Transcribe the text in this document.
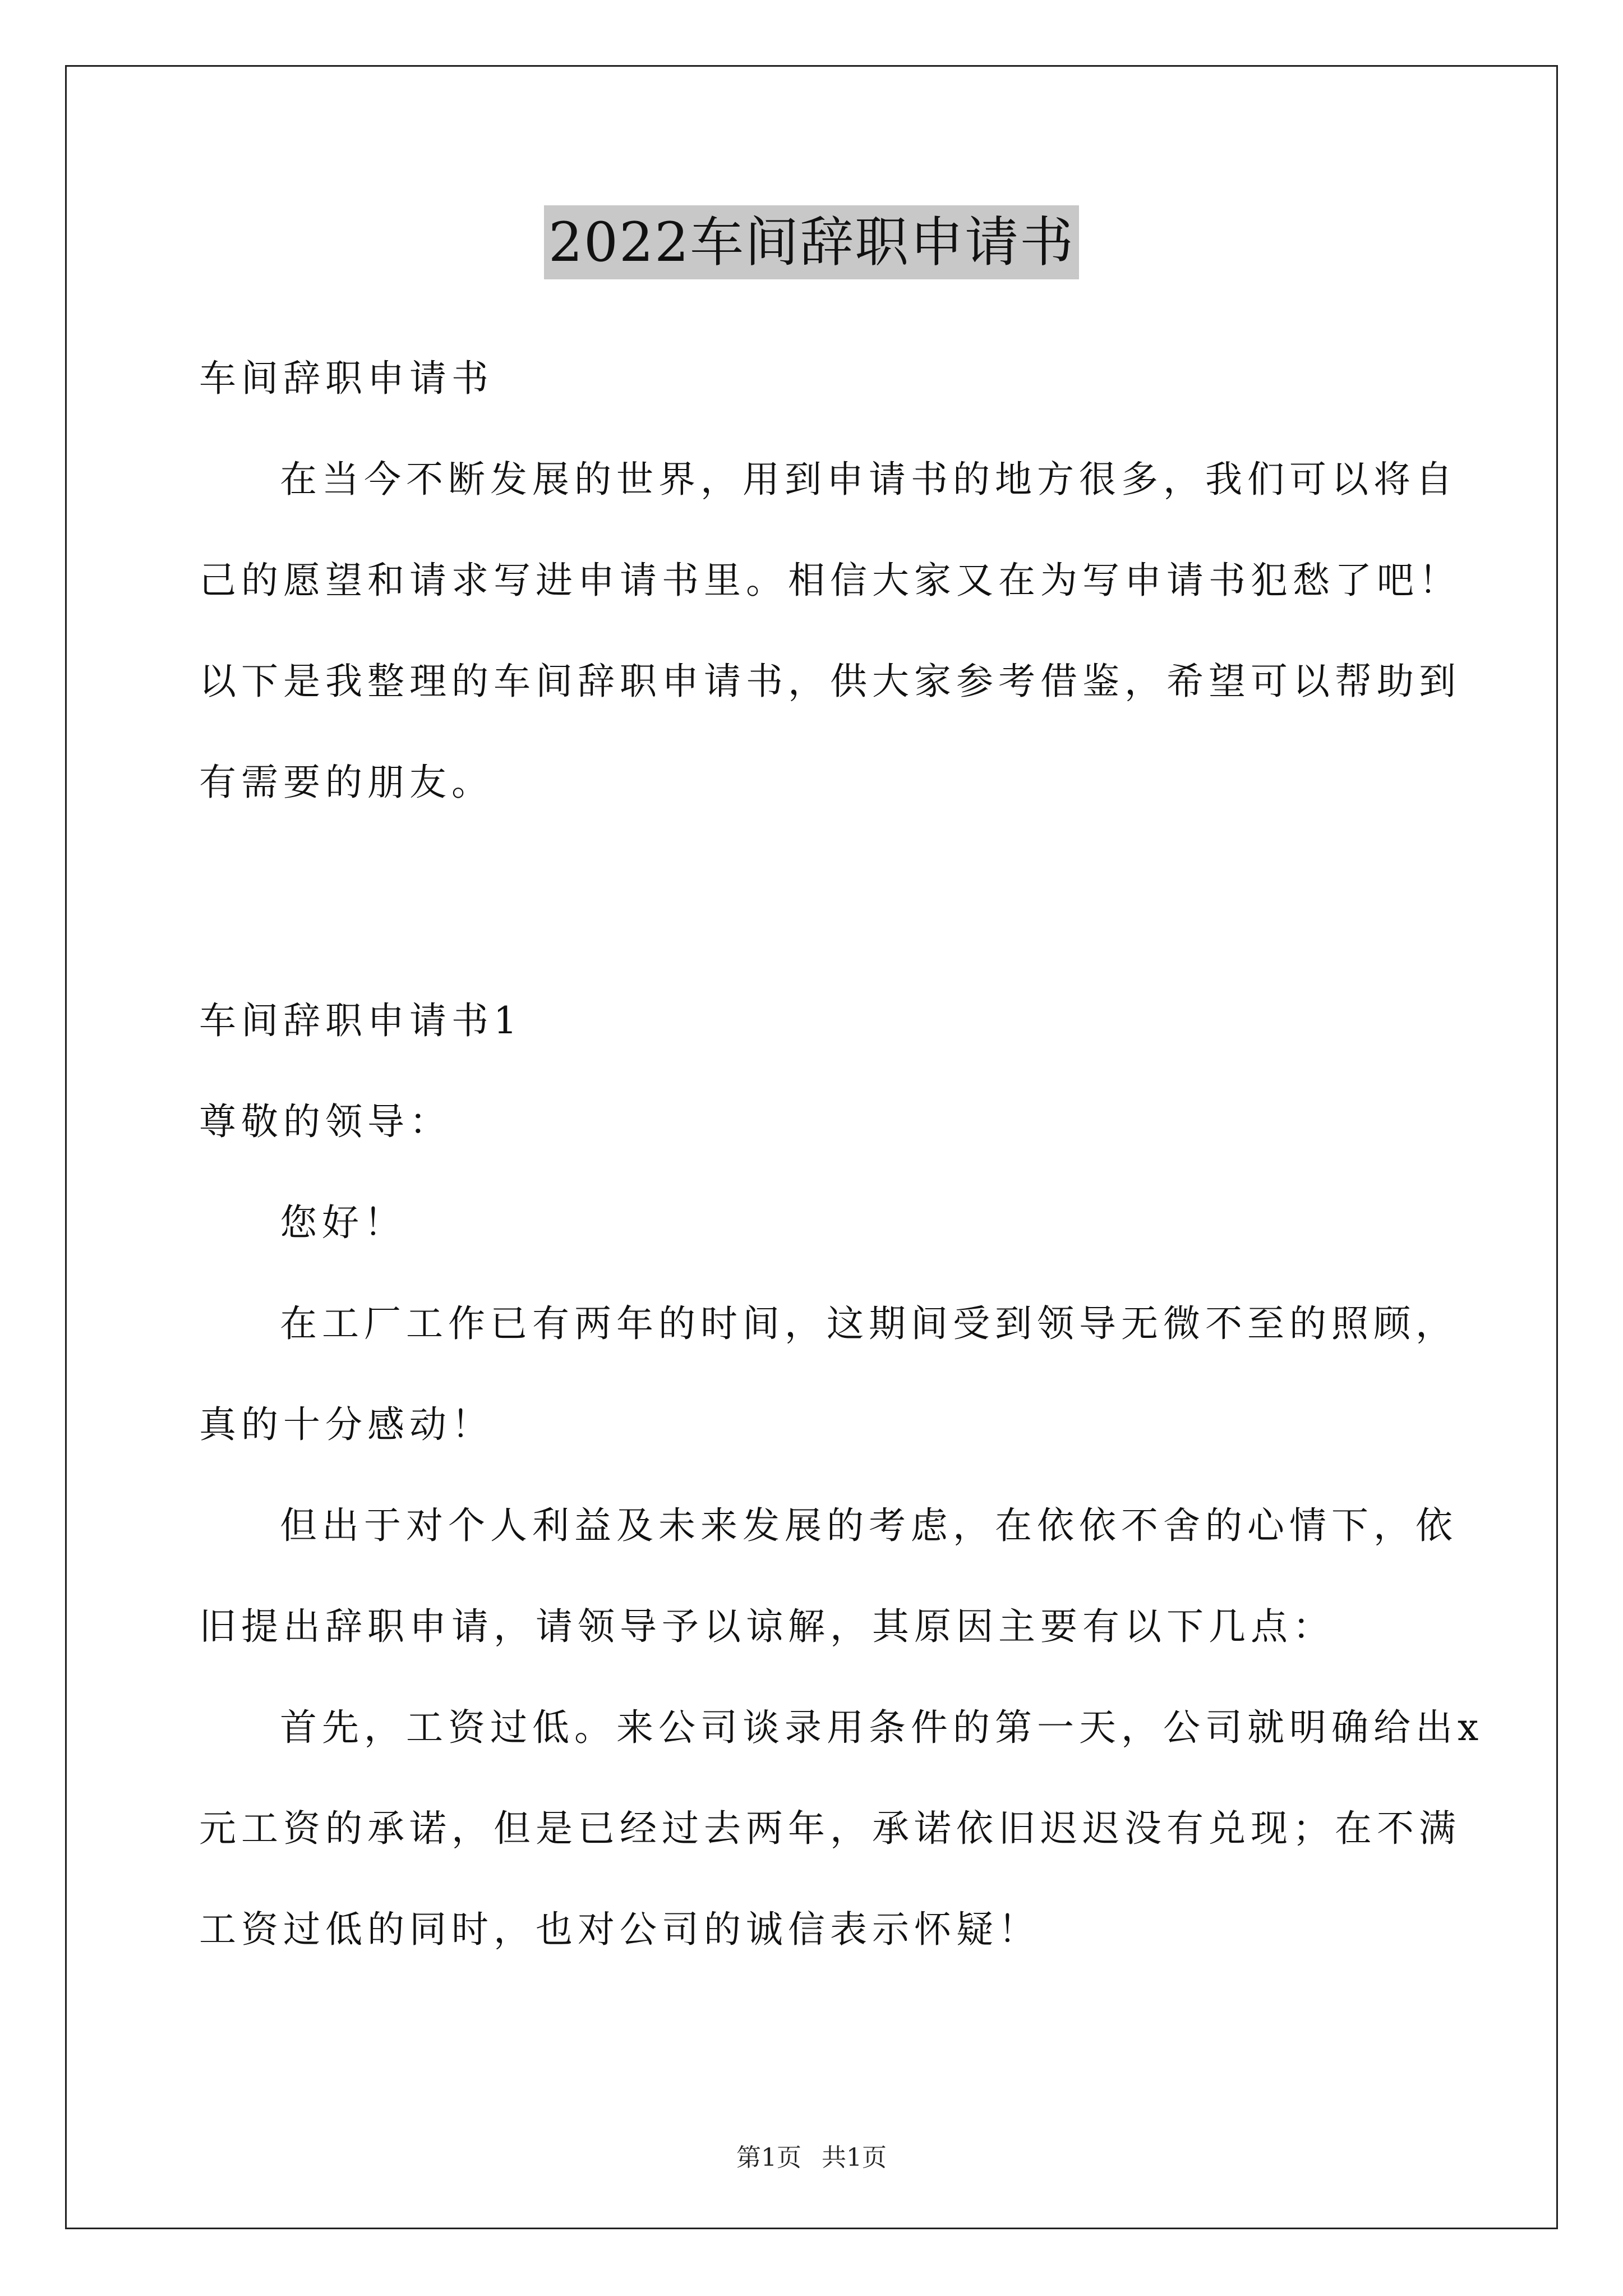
2022车间辞职申请书
车间辞职申请书
在当今不断发展的世界，用到申请书的地方很多，我们可以将自
己的愿望和请求写进申请书里。相信大家又在为写申请书犯愁了吧！
以下是我整理的车间辞职申请书，供大家参考借鉴，希望可以帮助到
有需要的朋友。
车间辞职申请书1
尊敬的领导：
您好！
在工厂工作已有两年的时间，这期间受到领导无微不至的照顾，
真的十分感动！
但出于对个人利益及未来发展的考虑，在依依不舍的心情下，依
旧提出辞职申请，请领导予以谅解，其原因主要有以下几点：
首先，工资过低。来公司谈录用条件的第一天，公司就明确给出x
元工资的承诺，但是已经过去两年，承诺依旧迟迟没有兑现；在不满
工资过低的同时，也对公司的诚信表示怀疑！
第1页 共1页
